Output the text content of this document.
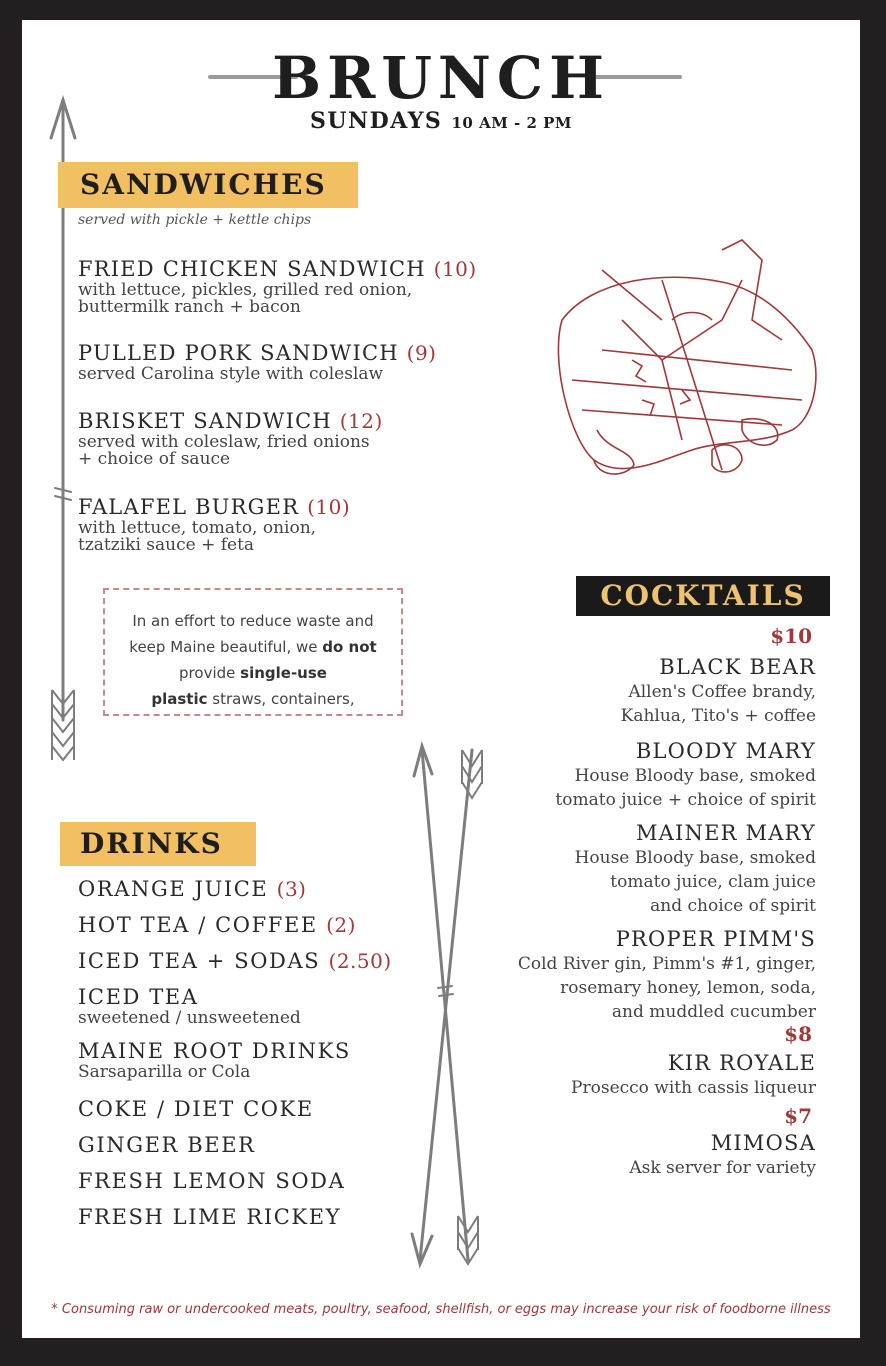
BRUNCH
SUNDAYS 10 AM - 2 PM
SANDWICHES
served with pickle + kettle chips
FRIED CHICKEN SANDWICH (10)
with lettuce, pickles, grilled red onion,
buttermilk ranch + bacon
PULLED PORK SANDWICH (9)
served Carolina style with coleslaw
BRISKET SANDWICH (12)
served with coleslaw, fried onions
+ choice of sauce
FALAFEL BURGER (10)
with lettuce, tomato, onion,
tzatziki sauce + feta
In an effort to reduce waste and
keep Maine beautiful, we do not
provide single-use
plastic straws, containers,
COCKTAILS
$10
BLACK BEAR
Allen's Coffee brandy,
Kahlua, Tito's + coffee
BLOODY MARY
House Bloody base, smoked
tomato juice + choice of spirit
MAINER MARY
House Bloody base, smoked
tomato juice, clam juice
and choice of spirit
PROPER PIMM'S
Cold River gin, Pimm's #1, ginger,
rosemary honey, lemon, soda,
and muddled cucumber
$8
KIR ROYALE
Prosecco with cassis liqueur
$7
MIMOSA
Ask server for variety
DRINKS
ORANGE JUICE (3)
HOT TEA / COFFEE (2)
ICED TEA + SODAS (2.50)
ICED TEA
sweetened / unsweetened
MAINE ROOT DRINKS
Sarsaparilla or Cola
COKE / DIET COKE
GINGER BEER
FRESH LEMON SODA
FRESH LIME RICKEY
* Consuming raw or undercooked meats, poultry, seafood, shellfish, or eggs may increase your risk of foodborne illness
